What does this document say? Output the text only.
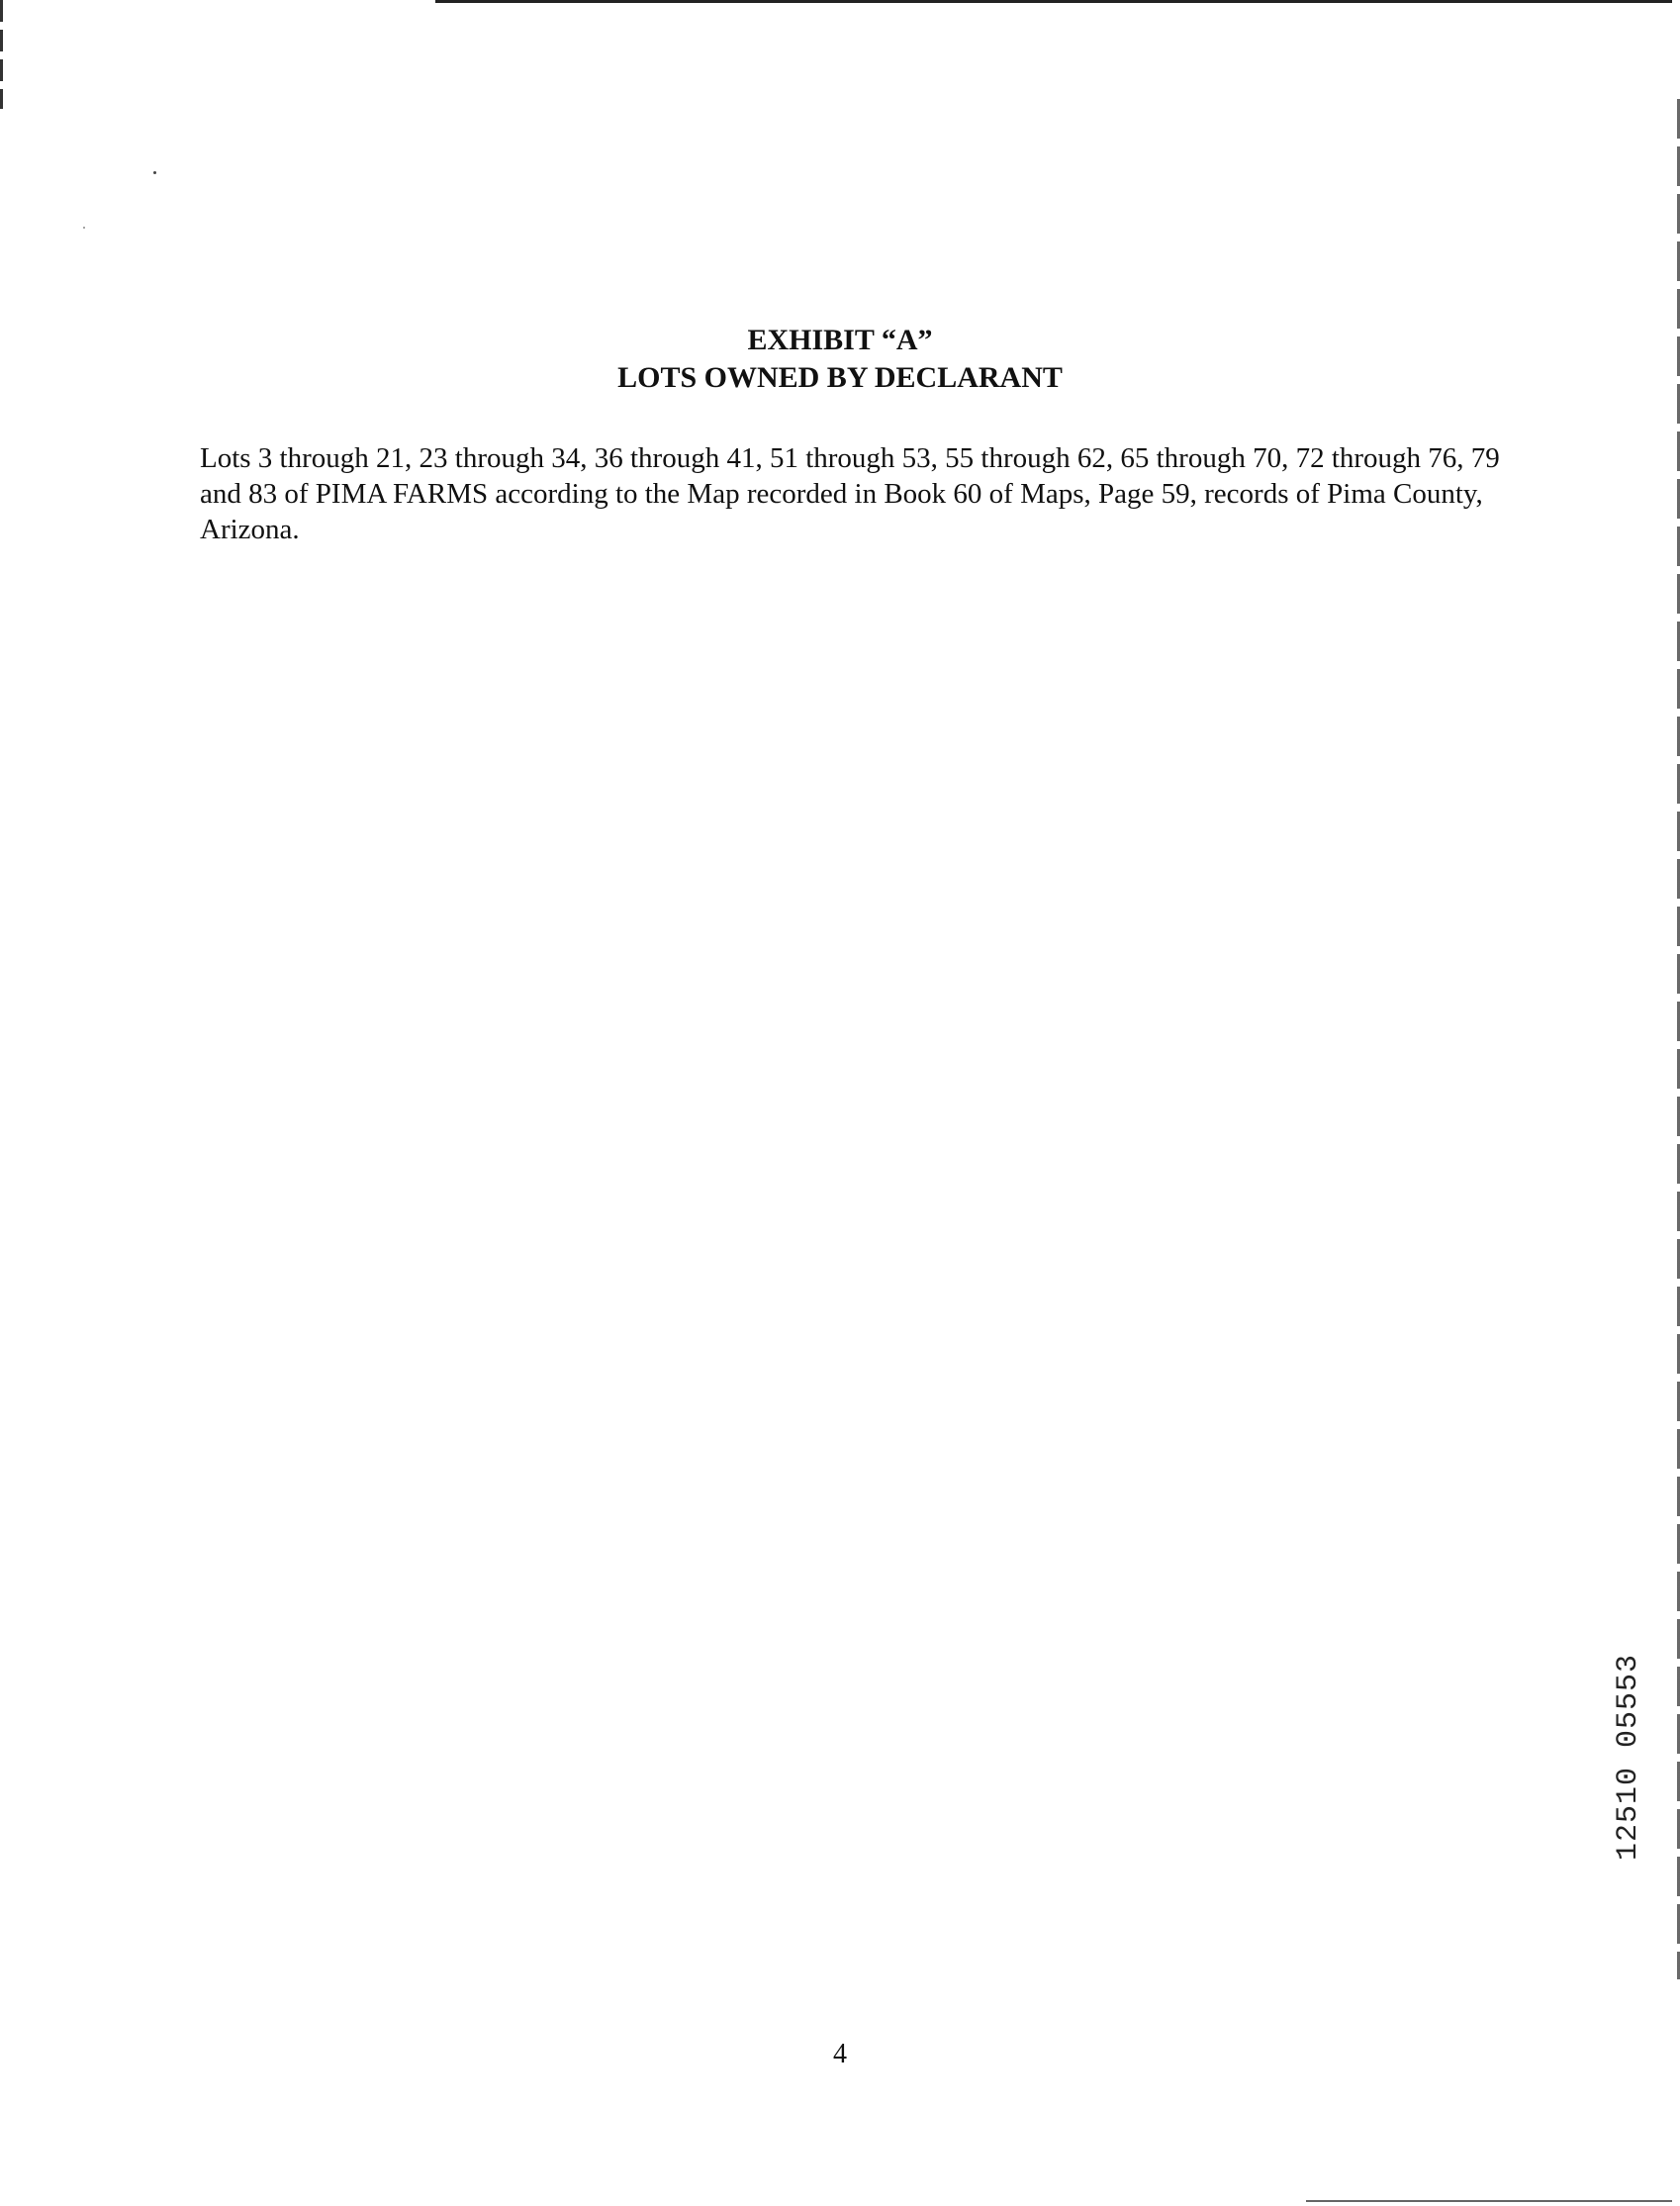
EXHIBIT “A”
LOTS OWNED BY DECLARANT
Lots 3 through 21, 23 through 34, 36 through 41, 51 through 53, 55 through 62, 65 through 70, 72 through 76, 79 and 83 of PIMA FARMS according to the Map recorded in Book 60 of Maps, Page 59, records of Pima County, Arizona.
12510 05553
4
